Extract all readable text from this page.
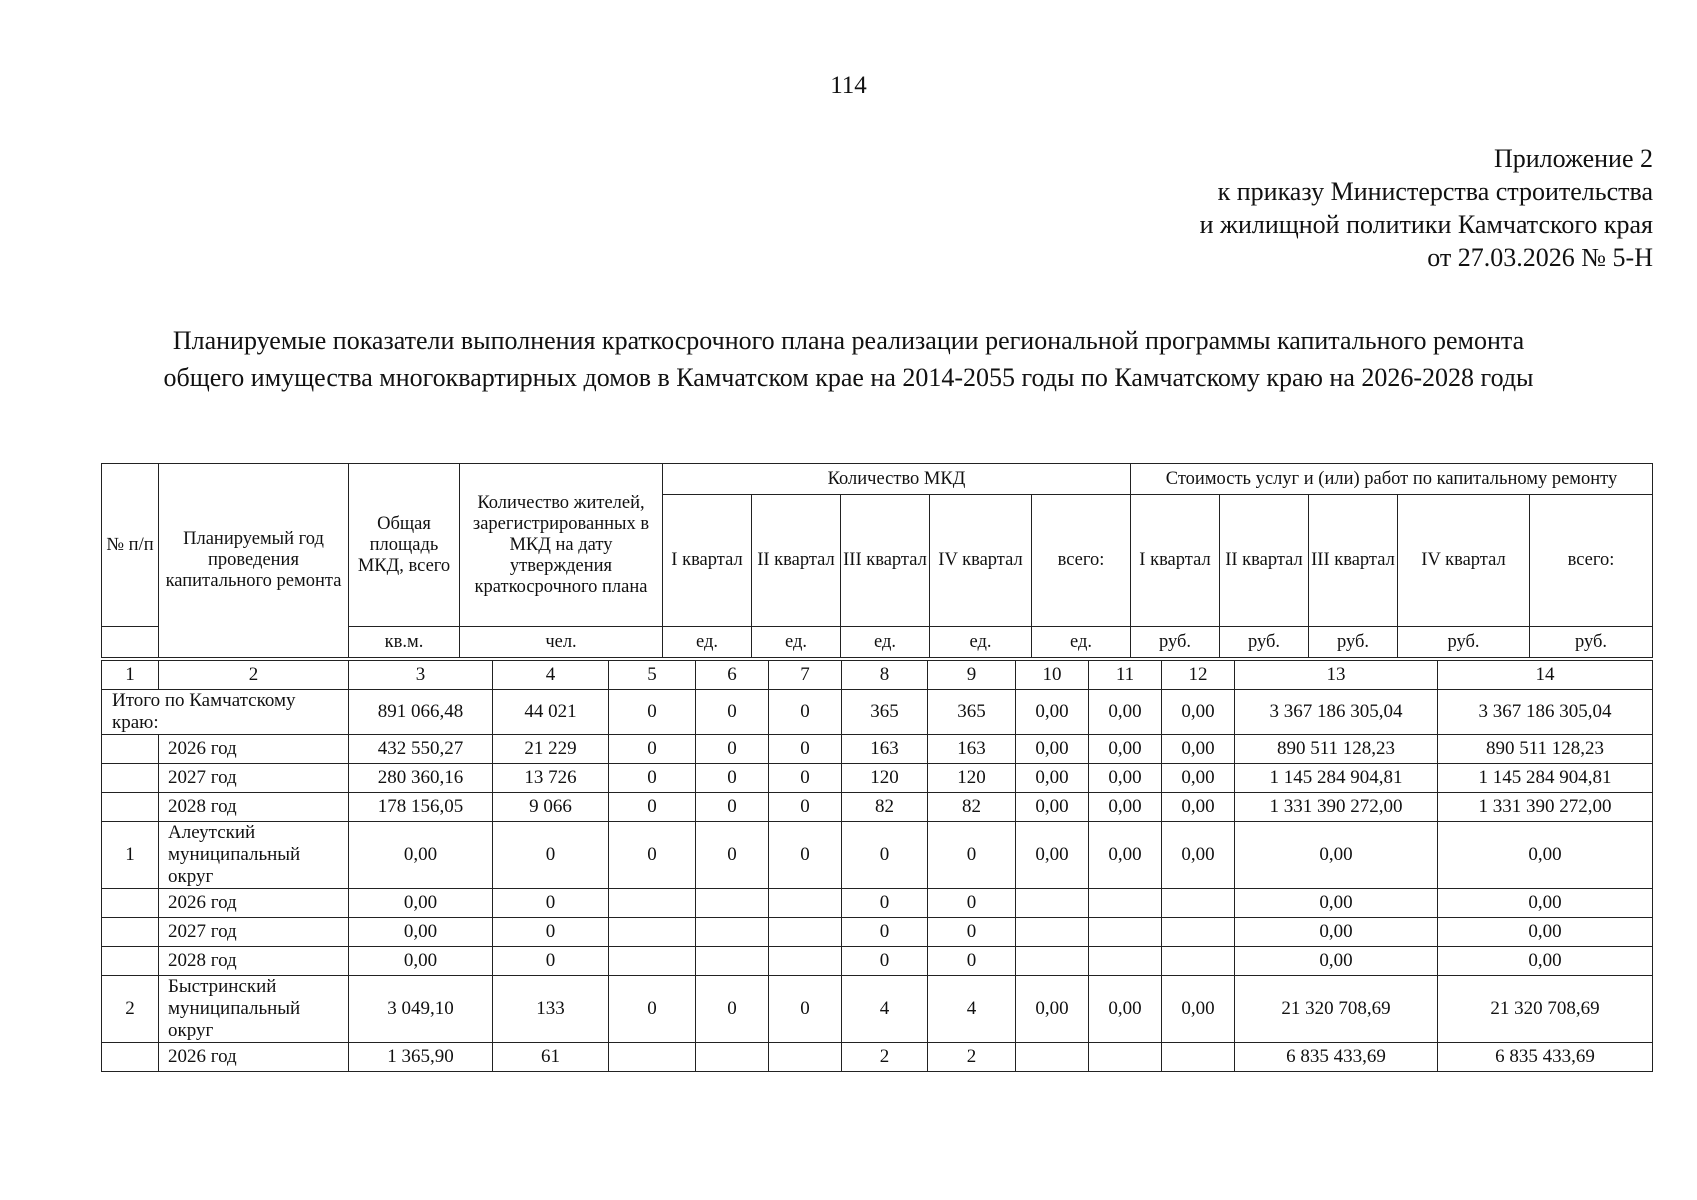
114
Приложение 2
к приказу Министерства строительства
и жилищной политики Камчатского края
от 27.03.2026 № 5-Н
Планируемые показатели выполнения краткосрочного плана реализации региональной программы капитального ремонта
общего имущества многоквартирных домов в Камчатском крае на 2014-2055 годы по Камчатскому краю на 2026-2028 годы
№ п/п	Планируемый год проведения капитального ремонта	Общая площадь МКД, всего	Количество жителей, зарегистрированных в МКД на дату утверждения краткосрочного плана	Количество МКД					Стоимость услуг и (или) работ по капитальному ремонту				
				I квартал	II квартал	III квартал	IV квартал	всего:	I квартал	II квартал	III квартал	IV квартал	всего:
		кв.м.	чел.	ед.	ед.	ед.	ед.	ед.	руб.	руб.	руб.	руб.	руб.
1	2	3	4	5	6	7	8	9	10	11	12	13	14
Итого по Камчатскому краю:		891 066,48	44 021	0	0	0	365	365	0,00	0,00	0,00	3 367 186 305,04	3 367 186 305,04
	2026 год	432 550,27	21 229	0	0	0	163	163	0,00	0,00	0,00	890 511 128,23	890 511 128,23
	2027 год	280 360,16	13 726	0	0	0	120	120	0,00	0,00	0,00	1 145 284 904,81	1 145 284 904,81
	2028 год	178 156,05	9 066	0	0	0	82	82	0,00	0,00	0,00	1 331 390 272,00	1 331 390 272,00
1	Алеутский муниципальный округ	0,00	0	0	0	0	0	0	0,00	0,00	0,00	0,00	0,00
	2026 год	0,00	0				0	0				0,00	0,00
	2027 год	0,00	0				0	0				0,00	0,00
	2028 год	0,00	0				0	0				0,00	0,00
2	Быстринский муниципальный округ	3 049,10	133	0	0	0	4	4	0,00	0,00	0,00	21 320 708,69	21 320 708,69
	2026 год	1 365,90	61				2	2				6 835 433,69	6 835 433,69
